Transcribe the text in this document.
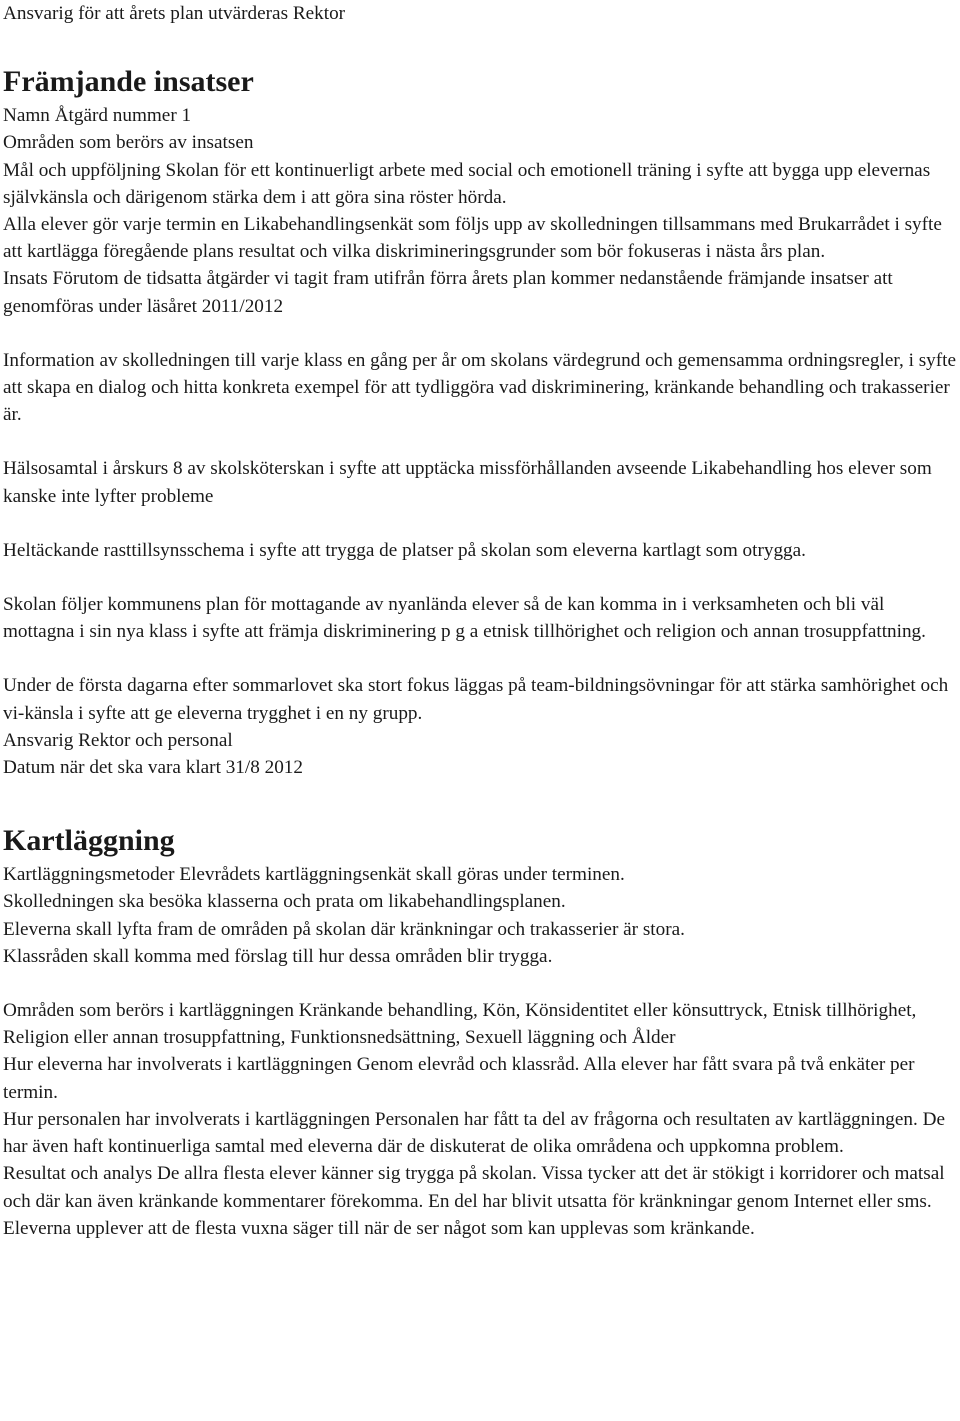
Ansvarig för att årets plan utvärderas Rektor

Främjande insatser

Namn Åtgärd nummer 1

Områden som berörs av insatsen

Mål och uppföljning Skolan för ett kontinuerligt arbete med social och emotionell träning i syfte att bygga upp elevernas självkänsla och därigenom stärka dem i att göra sina röster hörda.

Alla elever gör varje termin en Likabehandlingsenkät som följs upp av skolledningen tillsammans med Brukarrådet i syfte att kartlägga föregående plans resultat och vilka diskrimineringsgrunder som bör fokuseras i nästa års plan.

Insats Förutom de tidsatta åtgärder vi tagit fram utifrån förra årets plan kommer nedanstående främjande insatser att genomföras under läsåret 2011/2012

Information av skolledningen till varje klass en gång per år om skolans värdegrund och gemensamma ordningsregler, i syfte att skapa en dialog och hitta konkreta exempel för att tydliggöra vad diskriminering, kränkande behandling och trakasserier är.

Hälsosamtal i årskurs 8 av skolsköterskan i syfte att upptäcka missförhållanden avseende Likabehandling hos elever som kanske inte lyfter probleme

Heltäckande rasttillsynsschema i syfte att trygga de platser på skolan som eleverna kartlagt som otrygga.

Skolan följer kommunens plan för mottagande av nyanlända elever så de kan komma in i verksamheten och bli väl mottagna i sin nya klass i syfte att främja diskriminering p g a etnisk tillhörighet och religion och annan trosuppfattning.

Under de första dagarna efter sommarlovet ska stort fokus läggas på team-bildningsövningar för att stärka samhörighet och vi-känsla i syfte att ge eleverna trygghet i en ny grupp.

Ansvarig Rektor och personal

Datum när det ska vara klart 31/8 2012

Kartläggning

Kartläggningsmetoder Elevrådets kartläggningsenkät skall göras under terminen.

Skolledningen ska besöka klasserna och prata om likabehandlingsplanen.

Eleverna skall lyfta fram de områden på skolan där kränkningar och trakasserier är stora.

Klassråden skall komma med förslag till hur dessa områden blir trygga.

Områden som berörs i kartläggningen Kränkande behandling, Kön, Könsidentitet eller könsuttryck, Etnisk tillhörighet, Religion eller annan trosuppfattning, Funktionsnedsättning, Sexuell läggning och Ålder

Hur eleverna har involverats i kartläggningen Genom elevråd och klassråd. Alla elever har fått svara på två enkäter per termin.

Hur personalen har involverats i kartläggningen Personalen har fått ta del av frågorna och resultaten av kartläggningen. De har även haft kontinuerliga samtal med eleverna där de diskuterat de olika områdena och uppkomna problem.

Resultat och analys De allra flesta elever känner sig trygga på skolan. Vissa tycker att det är stökigt i korridorer och matsal och där kan även kränkande kommentarer förekomma. En del har blivit utsatta för kränkningar genom Internet eller sms. Eleverna upplever att de flesta vuxna säger till när de ser något som kan upplevas som kränkande.
